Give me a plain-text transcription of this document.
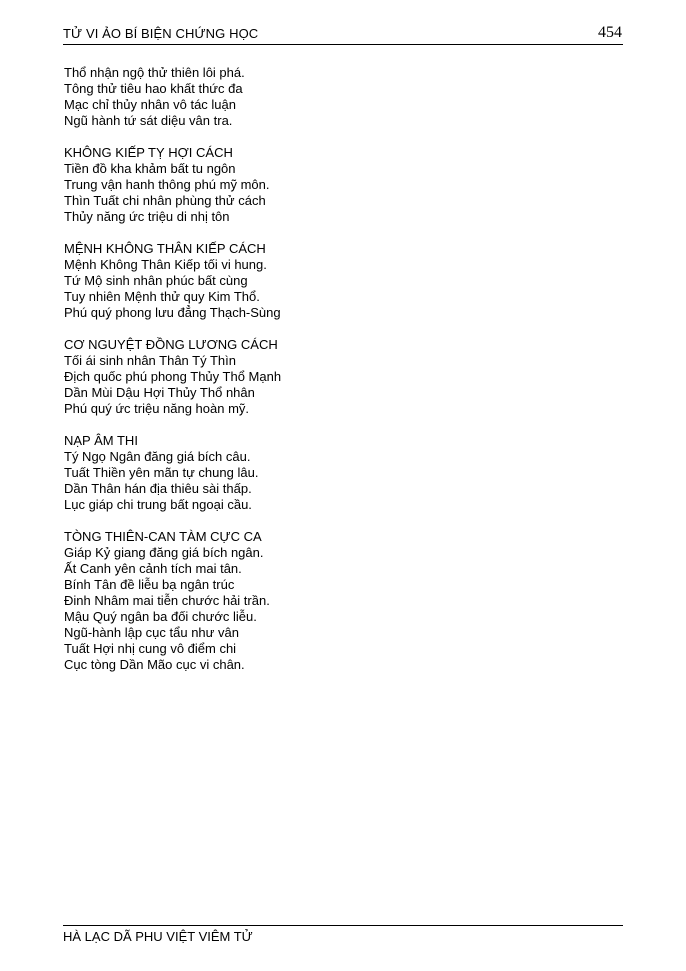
TỬ VI ẢO BÍ BIỆN CHỨNG HỌC	454
Thổ nhận ngộ thử thiên lôi phá.
Tông thử tiêu hao khất thức đa
Mạc chỉ thủy nhân vô tác luận
Ngũ hành tứ sát diệu vân tra.
KHÔNG KIẾP TỴ HỢI CÁCH
Tiền đồ kha khảm bất tu ngôn
Trung vận hanh thông phú mỹ môn.
Thìn Tuất chi nhân phùng thử cách
Thủy năng ức triệu di nhị tôn
MỆNH KHÔNG THÂN KIẾP CÁCH
Mệnh Không Thân Kiếp tối vi hung.
Tứ Mộ sinh nhân phúc bất cùng
Tuy nhiên Mệnh thử quy Kim Thổ.
Phú quý phong lưu đẳng Thạch-Sùng
CƠ NGUYỆT ĐỒNG LƯƠNG CÁCH
Tối ái sinh nhân Thân Tý Thìn
Địch quốc phú phong Thủy Thổ Mạnh
Dần Mùi Dậu Hợi Thủy Thổ nhân
Phú quý ức triệu năng hoàn mỹ.
NẠP ÂM THI
Tý Ngọ Ngân đăng giá bích câu.
Tuất Thiền yên mãn tự chung lâu.
Dần Thân hán địa thiêu sài thấp.
Lục giáp chi trung bất ngoại cầu.
TÒNG THIÊN-CAN TÀM CỰC CA
Giáp Kỷ giang đăng giá bích ngân.
Ất Canh yên cảnh tích mai tân.
Bính Tân đề liễu bạ ngân trúc
Đinh Nhâm mai tiễn chước hải trần.
Mậu Quý ngân ba đối chước liễu.
Ngũ-hành lập cục tẩu như vân
Tuất Hợi nhị cung vô điểm chi
Cục tòng Dần Mão cục vi chân.
HÀ LẠC DÃ PHU VIỆT VIÊM TỬ
